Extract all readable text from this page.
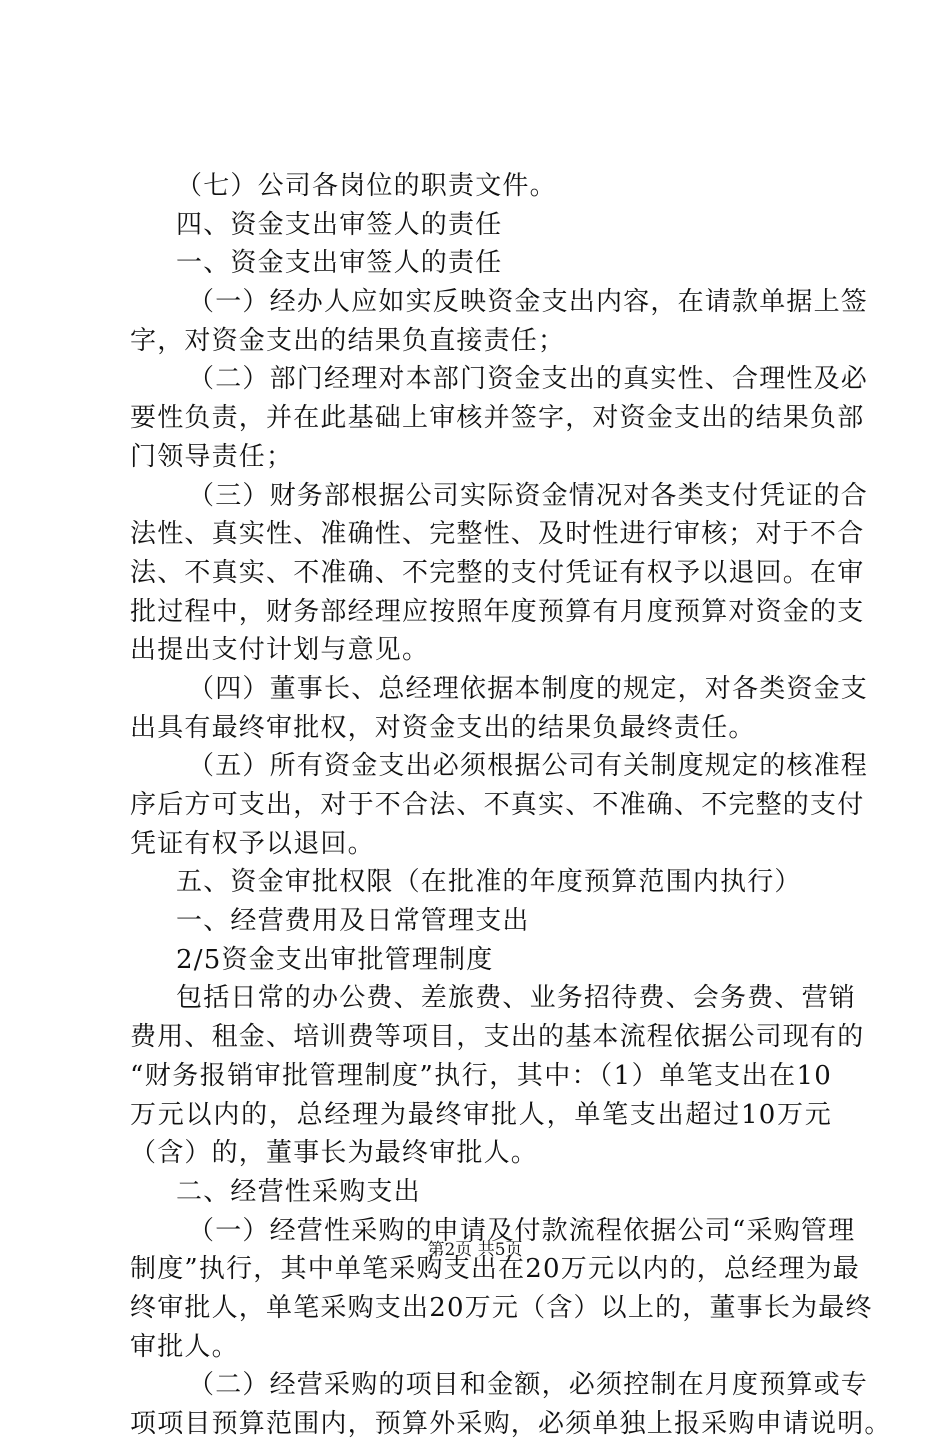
（七）公司各岗位的职责文件。
四、资金支出审签人的责任
一、资金支出审签人的责任
（一）经办人应如实反映资金支出内容，在请款单据上签
字，对资金支出的结果负直接责任；
（二）部门经理对本部门资金支出的真实性、合理性及必
要性负责，并在此基础上审核并签字，对资金支出的结果负部
门领导责任；
（三）财务部根据公司实际资金情况对各类支付凭证的合
法性、真实性、准确性、完整性、及时性进行审核；对于不合
法、不真实、不准确、不完整的支付凭证有权予以退回。在审
批过程中，财务部经理应按照年度预算有月度预算对资金的支
出提出支付计划与意见。
（四）董事长、总经理依据本制度的规定，对各类资金支
出具有最终审批权，对资金支出的结果负最终责任。
（五）所有资金支出必须根据公司有关制度规定的核准程
序后方可支出，对于不合法、不真实、不准确、不完整的支付
凭证有权予以退回。
五、资金审批权限（在批准的年度预算范围内执行）
一、经营费用及日常管理支出
2/5资金支出审批管理制度
包括日常的办公费、差旅费、业务招待费、会务费、营销
费用、租金、培训费等项目，支出的基本流程依据公司现有的
“财务报销审批管理制度”执行，其中：（1）单笔支出在10
万元以内的，总经理为最终审批人，单笔支出超过10万元
（含）的，董事长为最终审批人。
二、经营性采购支出
（一）经营性采购的申请及付款流程依据公司“采购管理
制度”执行，其中单笔采购支出在20万元以内的，总经理为最
终审批人，单笔采购支出20万元（含）以上的，董事长为最终
审批人。
（二）经营采购的项目和金额，必须控制在月度预算或专
项项目预算范围内，预算外采购，必须单独上报采购申请说明。
第2页 共5页
